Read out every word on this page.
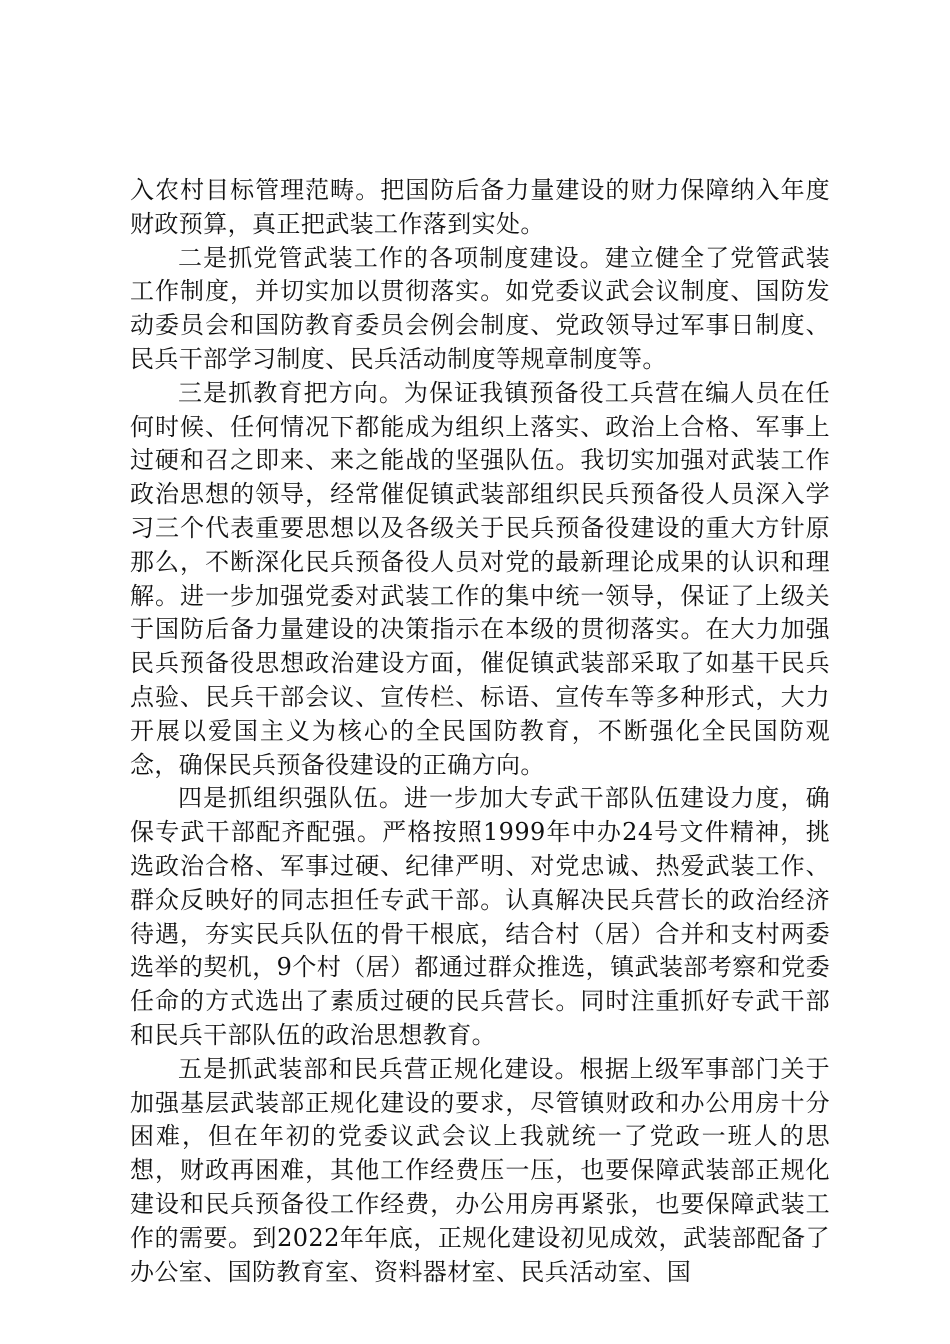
入农村目标管理范畴。把国防后备力量建设的财力保障纳入年度财政预算，真正把武装工作落到实处。

二是抓党管武装工作的各项制度建设。建立健全了党管武装工作制度，并切实加以贯彻落实。如党委议武会议制度、国防发动委员会和国防教育委员会例会制度、党政领导过军事日制度、民兵干部学习制度、民兵活动制度等规章制度等。

三是抓教育把方向。为保证我镇预备役工兵营在编人员在任何时候、任何情况下都能成为组织上落实、政治上合格、军事上过硬和召之即来、来之能战的坚强队伍。我切实加强对武装工作政治思想的领导，经常催促镇武装部组织民兵预备役人员深入学习三个代表重要思想以及各级关于民兵预备役建设的重大方针原那么，不断深化民兵预备役人员对党的最新理论成果的认识和理解。进一步加强党委对武装工作的集中统一领导，保证了上级关于国防后备力量建设的决策指示在本级的贯彻落实。在大力加强民兵预备役思想政治建设方面，催促镇武装部采取了如基干民兵点验、民兵干部会议、宣传栏、标语、宣传车等多种形式，大力开展以爱国主义为核心的全民国防教育，不断强化全民国防观念，确保民兵预备役建设的正确方向。

四是抓组织强队伍。进一步加大专武干部队伍建设力度，确保专武干部配齐配强。严格按照1999年中办24号文件精神，挑选政治合格、军事过硬、纪律严明、对党忠诚、热爱武装工作、群众反映好的同志担任专武干部。认真解决民兵营长的政治经济待遇，夯实民兵队伍的骨干根底，结合村（居）合并和支村两委选举的契机，9个村（居）都通过群众推选，镇武装部考察和党委任命的方式选出了素质过硬的民兵营长。同时注重抓好专武干部和民兵干部队伍的政治思想教育。

五是抓武装部和民兵营正规化建设。根据上级军事部门关于加强基层武装部正规化建设的要求，尽管镇财政和办公用房十分困难，但在年初的党委议武会议上我就统一了党政一班人的思想，财政再困难，其他工作经费压一压，也要保障武装部正规化建设和民兵预备役工作经费，办公用房再紧张，也要保障武装工作的需要。到2022年年底，正规化建设初见成效，武装部配备了办公室、国防教育室、资料器材室、民兵活动室、国
